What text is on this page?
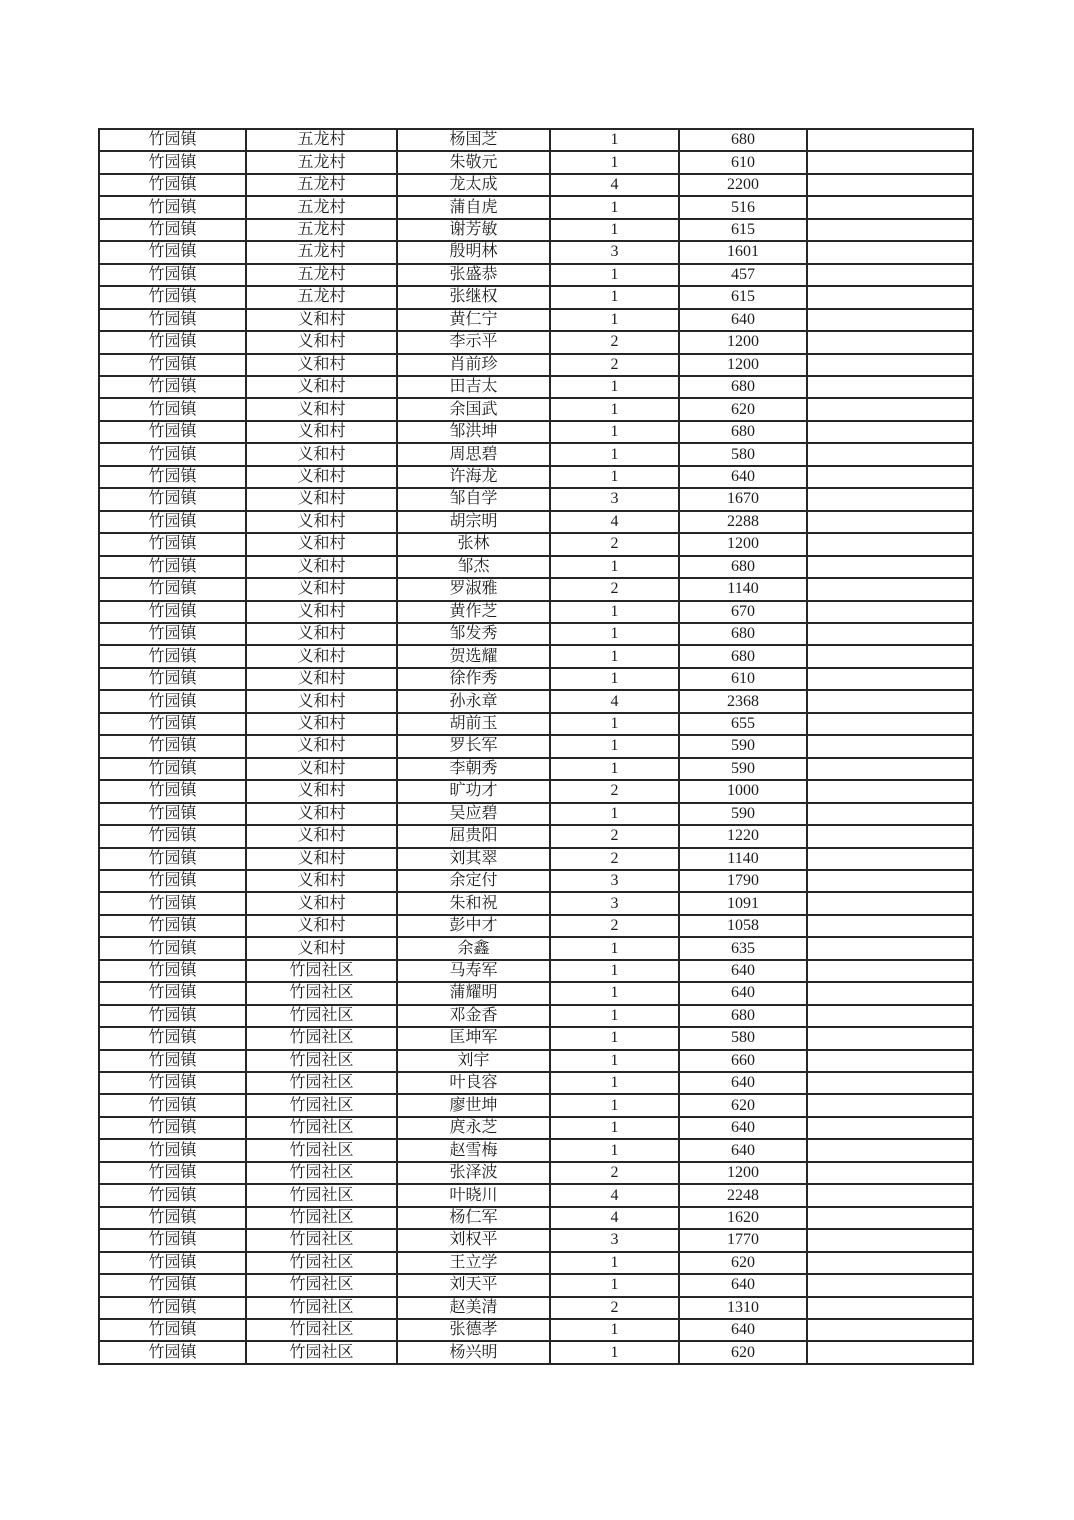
竹园镇	五龙村	杨国芝	1	680	
竹园镇	五龙村	朱敬元	1	610	
竹园镇	五龙村	龙太成	4	2200	
竹园镇	五龙村	蒲自虎	1	516	
竹园镇	五龙村	谢芳敏	1	615	
竹园镇	五龙村	殷明林	3	1601	
竹园镇	五龙村	张盛恭	1	457	
竹园镇	五龙村	张继权	1	615	
竹园镇	义和村	黄仁宁	1	640	
竹园镇	义和村	李示平	2	1200	
竹园镇	义和村	肖前珍	2	1200	
竹园镇	义和村	田吉太	1	680	
竹园镇	义和村	余国武	1	620	
竹园镇	义和村	邹洪坤	1	680	
竹园镇	义和村	周思碧	1	580	
竹园镇	义和村	许海龙	1	640	
竹园镇	义和村	邹自学	3	1670	
竹园镇	义和村	胡宗明	4	2288	
竹园镇	义和村	张林	2	1200	
竹园镇	义和村	邹杰	1	680	
竹园镇	义和村	罗淑雅	2	1140	
竹园镇	义和村	黄作芝	1	670	
竹园镇	义和村	邹发秀	1	680	
竹园镇	义和村	贺选耀	1	680	
竹园镇	义和村	徐作秀	1	610	
竹园镇	义和村	孙永章	4	2368	
竹园镇	义和村	胡前玉	1	655	
竹园镇	义和村	罗长军	1	590	
竹园镇	义和村	李朝秀	1	590	
竹园镇	义和村	旷功才	2	1000	
竹园镇	义和村	吴应碧	1	590	
竹园镇	义和村	屈贵阳	2	1220	
竹园镇	义和村	刘其翠	2	1140	
竹园镇	义和村	余定付	3	1790	
竹园镇	义和村	朱和祝	3	1091	
竹园镇	义和村	彭中才	2	1058	
竹园镇	义和村	余鑫	1	635	
竹园镇	竹园社区	马寿军	1	640	
竹园镇	竹园社区	蒲耀明	1	640	
竹园镇	竹园社区	邓金香	1	680	
竹园镇	竹园社区	匡坤军	1	580	
竹园镇	竹园社区	刘宇	1	660	
竹园镇	竹园社区	叶良容	1	640	
竹园镇	竹园社区	廖世坤	1	620	
竹园镇	竹园社区	庹永芝	1	640	
竹园镇	竹园社区	赵雪梅	1	640	
竹园镇	竹园社区	张泽波	2	1200	
竹园镇	竹园社区	叶晓川	4	2248	
竹园镇	竹园社区	杨仁军	4	1620	
竹园镇	竹园社区	刘权平	3	1770	
竹园镇	竹园社区	王立学	1	620	
竹园镇	竹园社区	刘天平	1	640	
竹园镇	竹园社区	赵美清	2	1310	
竹园镇	竹园社区	张德孝	1	640	
竹园镇	竹园社区	杨兴明	1	620	
